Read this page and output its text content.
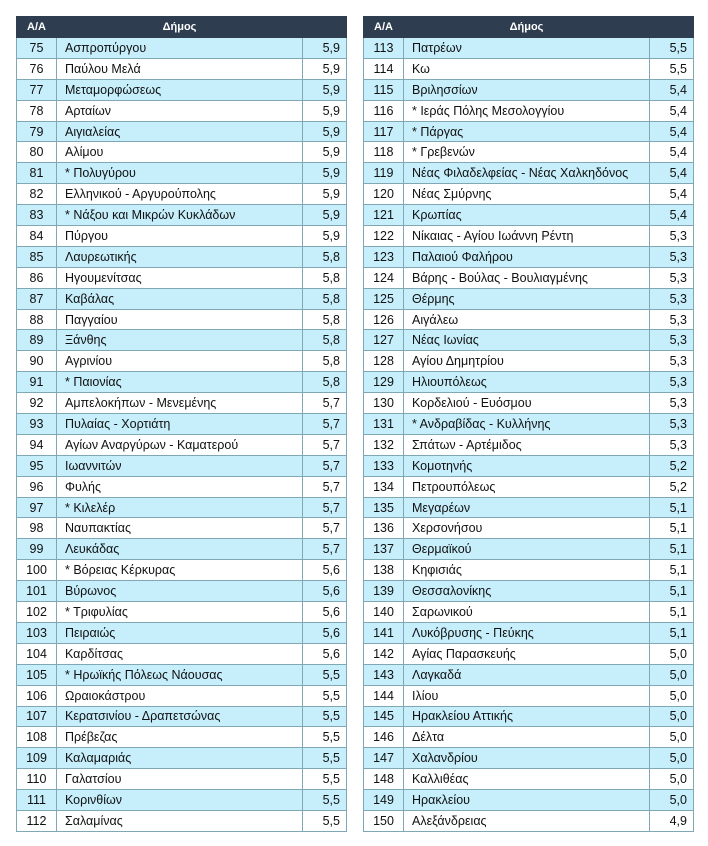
Α/Α	Δήμος	
75	Ασπροπύργου	5,9
76	Παύλου Μελά	5,9
77	Μεταμορφώσεως	5,9
78	Αρταίων	5,9
79	Αιγιαλείας	5,9
80	Αλίμου	5,9
81	* Πολυγύρου	5,9
82	Ελληνικού - Αργυρούπολης	5,9
83	* Νάξου και Μικρών Κυκλάδων	5,9
84	Πύργου	5,9
85	Λαυρεωτικής	5,8
86	Ηγουμενίτσας	5,8
87	Καβάλας	5,8
88	Παγγαίου	5,8
89	Ξάνθης	5,8
90	Αγρινίου	5,8
91	* Παιονίας	5,8
92	Αμπελοκήπων - Μενεμένης	5,7
93	Πυλαίας - Χορτιάτη	5,7
94	Αγίων Αναργύρων - Καματερού	5,7
95	Ιωαννιτών	5,7
96	Φυλής	5,7
97	* Κιλελέρ	5,7
98	Ναυπακτίας	5,7
99	Λευκάδας	5,7
100	* Βόρειας Κέρκυρας	5,6
101	Βύρωνος	5,6
102	* Τριφυλίας	5,6
103	Πειραιώς	5,6
104	Καρδίτσας	5,6
105	* Ηρωϊκής Πόλεως Νάουσας	5,5
106	Ωραιοκάστρου	5,5
107	Κερατσινίου - Δραπετσώνας	5,5
108	Πρέβεζας	5,5
109	Καλαμαριάς	5,5
110	Γαλατσίου	5,5
111	Κορινθίων	5,5
112	Σαλαμίνας	5,5
Α/Α	Δήμος	
113	Πατρέων	5,5
114	Κω	5,5
115	Βριλησσίων	5,4
116	* Ιεράς Πόλης Μεσολογγίου	5,4
117	* Πάργας	5,4
118	* Γρεβενών	5,4
119	Νέας Φιλαδελφείας - Νέας Χαλκηδόνος	5,4
120	Νέας Σμύρνης	5,4
121	Κρωπίας	5,4
122	Νίκαιας - Αγίου Ιωάννη Ρέντη	5,3
123	Παλαιού Φαλήρου	5,3
124	Βάρης - Βούλας - Βουλιαγμένης	5,3
125	Θέρμης	5,3
126	Αιγάλεω	5,3
127	Νέας Ιωνίας	5,3
128	Αγίου Δημητρίου	5,3
129	Ηλιουπόλεως	5,3
130	Κορδελιού - Ευόσμου	5,3
131	* Ανδραβίδας - Κυλλήνης	5,3
132	Σπάτων - Αρτέμιδος	5,3
133	Κομοτηνής	5,2
134	Πετρουπόλεως	5,2
135	Μεγαρέων	5,1
136	Χερσονήσου	5,1
137	Θερμαϊκού	5,1
138	Κηφισιάς	5,1
139	Θεσσαλονίκης	5,1
140	Σαρωνικού	5,1
141	Λυκόβρυσης - Πεύκης	5,1
142	Αγίας Παρασκευής	5,0
143	Λαγκαδά	5,0
144	Ιλίου	5,0
145	Ηρακλείου Αττικής	5,0
146	Δέλτα	5,0
147	Χαλανδρίου	5,0
148	Καλλιθέας	5,0
149	Ηρακλείου	5,0
150	Αλεξάνδρειας	4,9
